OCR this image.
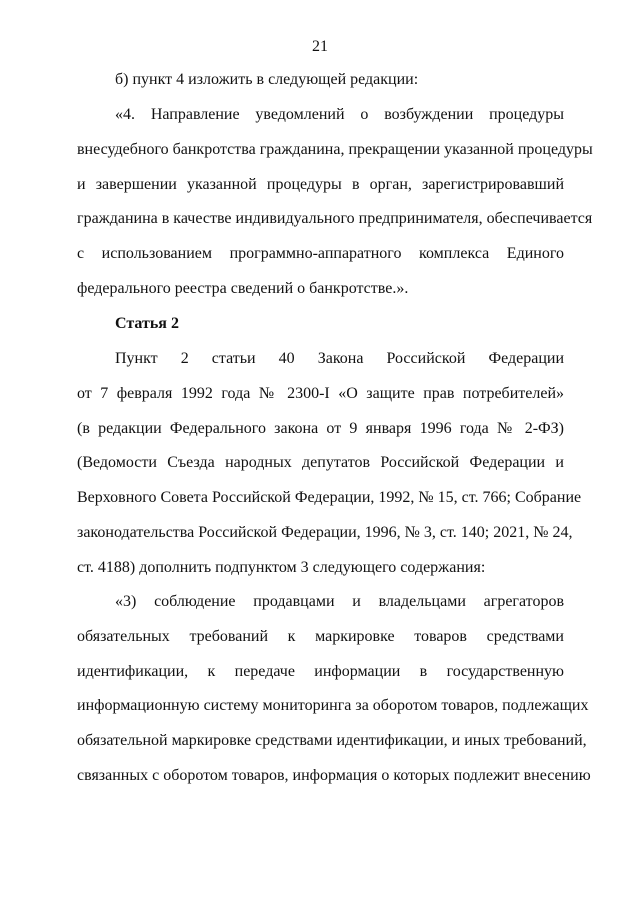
21
б) пункт 4 изложить в следующей редакции:
«4. Направление уведомлений о возбуждении процедуры
внесудебного банкротства гражданина, прекращении указанной процедуры
и завершении указанной процедуры в орган, зарегистрировавший
гражданина в качестве индивидуального предпринимателя, обеспечивается
с использованием программно-аппаратного комплекса Единого
федерального реестра сведений о банкротстве.».
Статья 2
Пункт 2 статьи 40 Закона Российской Федерации
от 7 февраля 1992 года № 2300-I «О защите прав потребителей»
(в редакции Федерального закона от 9 января 1996 года № 2-ФЗ)
(Ведомости Съезда народных депутатов Российской Федерации и
Верховного Совета Российской Федерации, 1992, № 15, ст. 766; Собрание
законодательства Российской Федерации, 1996, № 3, ст. 140; 2021, № 24,
ст. 4188) дополнить подпунктом 3 следующего содержания:
«3) соблюдение продавцами и владельцами агрегаторов
обязательных требований к маркировке товаров средствами
идентификации, к передаче информации в государственную
информационную систему мониторинга за оборотом товаров, подлежащих
обязательной маркировке средствами идентификации, и иных требований,
связанных с оборотом товаров, информация о которых подлежит внесению
